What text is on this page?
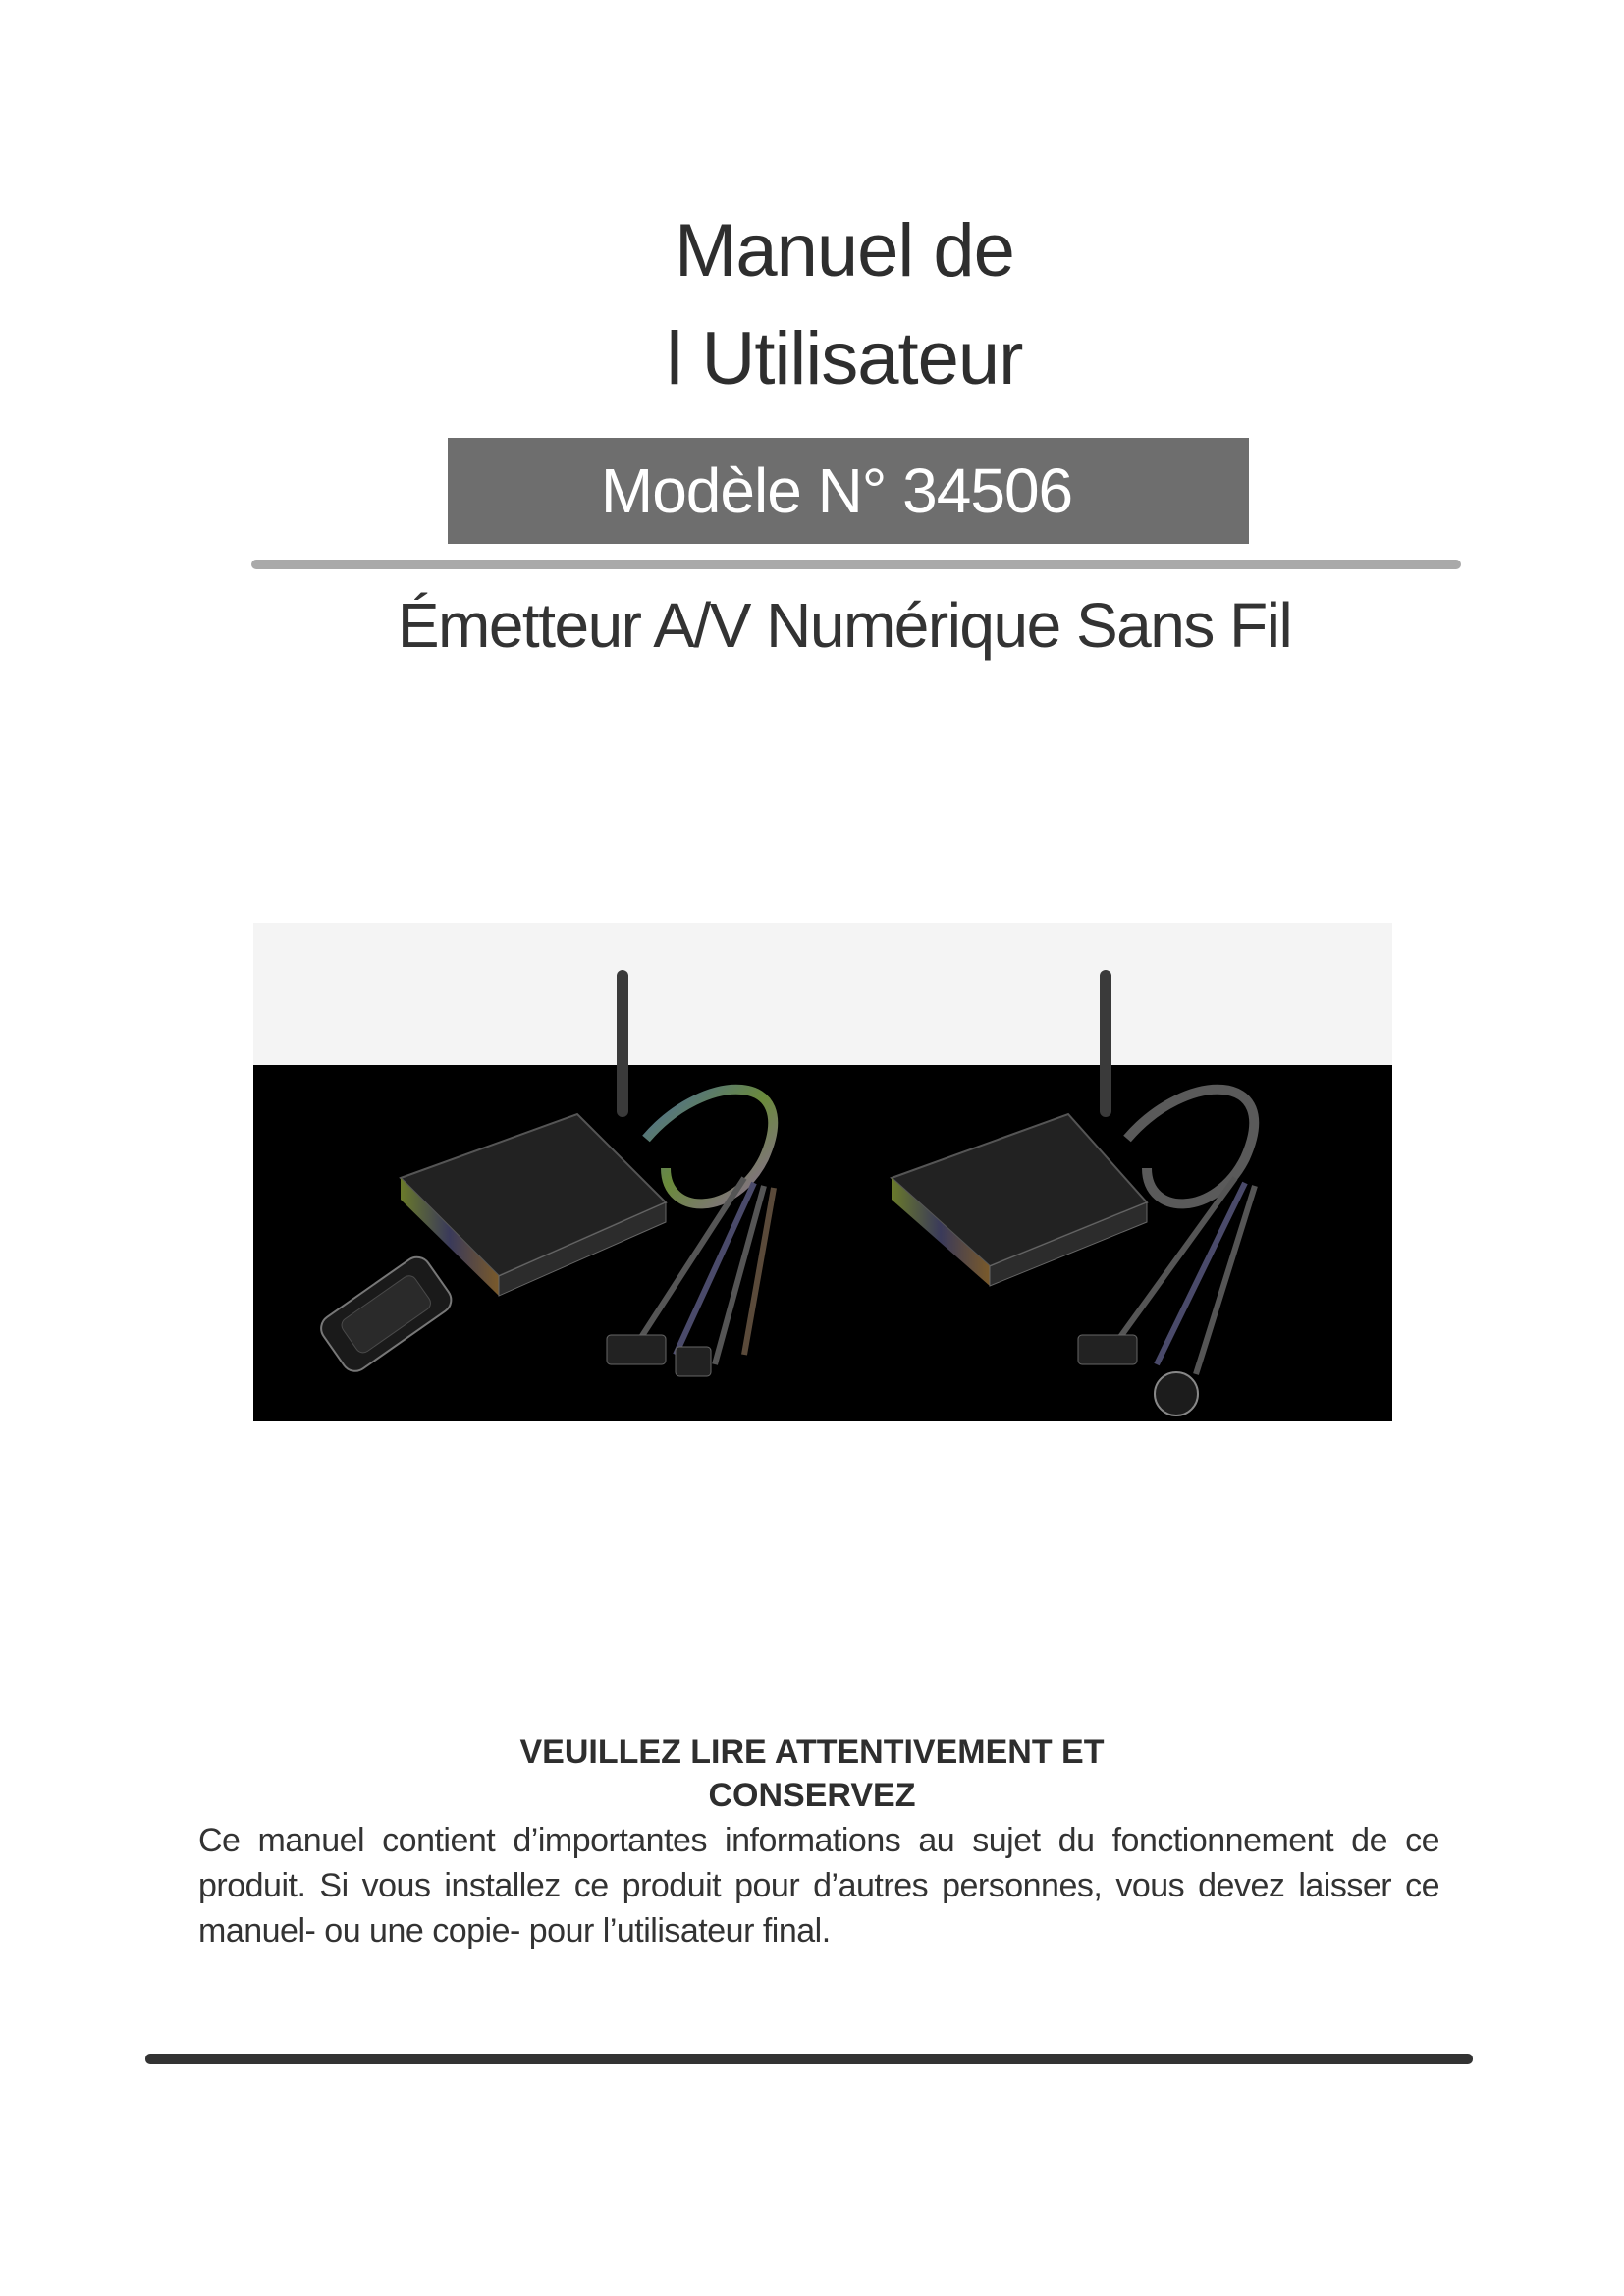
Manuel de
l Utilisateur
Modèle N° 34506
Émetteur A/V Numérique Sans Fil
VEUILLEZ LIRE ATTENTIVEMENT ET
CONSERVEZ
Ce manuel contient d’importantes informations au sujet du fonctionnement de ce produit. Si vous installez ce produit pour d’autres personnes, vous devez laisser ce manuel- ou une copie- pour l’utilisateur final.
